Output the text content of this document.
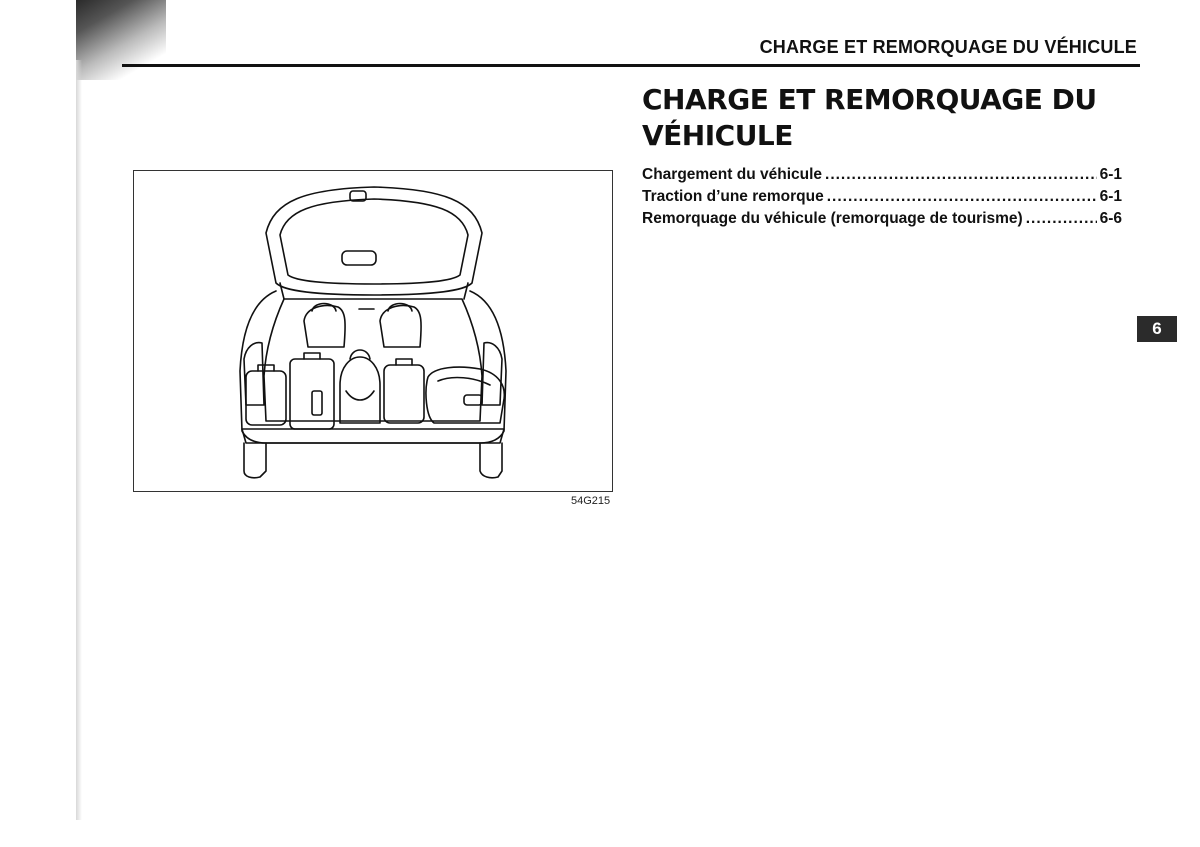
CHARGE ET REMORQUAGE DU VÉHICULE
CHARGE ET REMORQUAGE DU VÉHICULE
Chargement du véhicule .....	6-1
Traction d’une remorque .....	6-1
Remorquage du véhicule (remorquage de tourisme) .....	6-6
54G215
6
